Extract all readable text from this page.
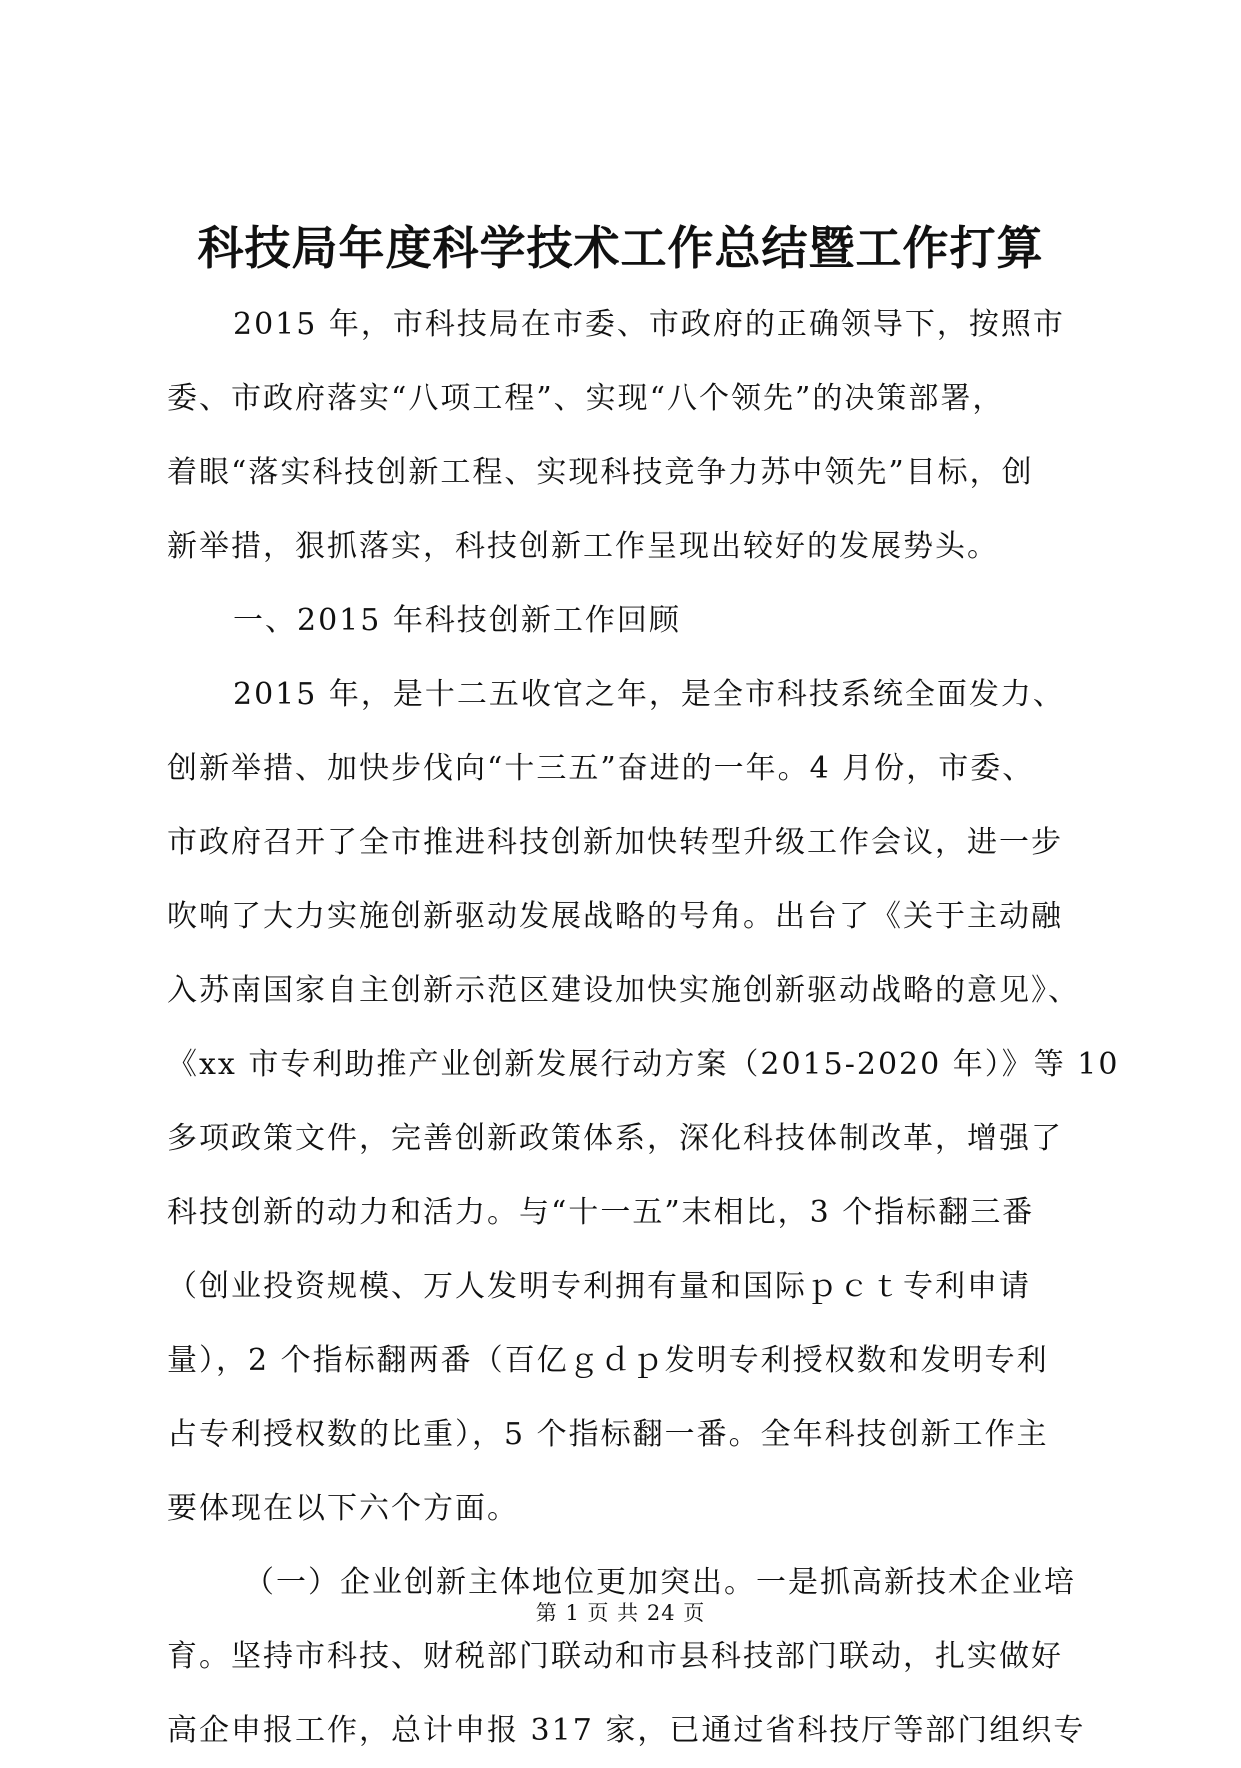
科技局年度科学技术工作总结暨工作打算
2015 年，市科技局在市委、市政府的正确领导下，按照市
委、市政府落实“八项工程”、实现“八个领先”的决策部署，
着眼“落实科技创新工程、实现科技竞争力苏中领先”目标，创
新举措，狠抓落实，科技创新工作呈现出较好的发展势头。
一、2015 年科技创新工作回顾
2015 年，是十二五收官之年，是全市科技系统全面发力、
创新举措、加快步伐向“十三五”奋进的一年。4 月份，市委、
市政府召开了全市推进科技创新加快转型升级工作会议，进一步
吹响了大力实施创新驱动发展战略的号角。出台了《关于主动融
入苏南国家自主创新示范区建设加快实施创新驱动战略的意见》、
《xx 市专利助推产业创新发展行动方案（2015-2020 年）》等 10
多项政策文件，完善创新政策体系，深化科技体制改革，增强了
科技创新的动力和活力。与“十一五”末相比，3 个指标翻三番
（创业投资规模、万人发明专利拥有量和国际ｐｃｔ专利申请
量），2 个指标翻两番（百亿ｇｄｐ发明专利授权数和发明专利
占专利授权数的比重），5 个指标翻一番。全年科技创新工作主
要体现在以下六个方面。
（一）企业创新主体地位更加突出。一是抓高新技术企业培
育。坚持市科技、财税部门联动和市县科技部门联动，扎实做好
高企申报工作，总计申报 317 家，已通过省科技厅等部门组织专
第 1 页 共 24 页
